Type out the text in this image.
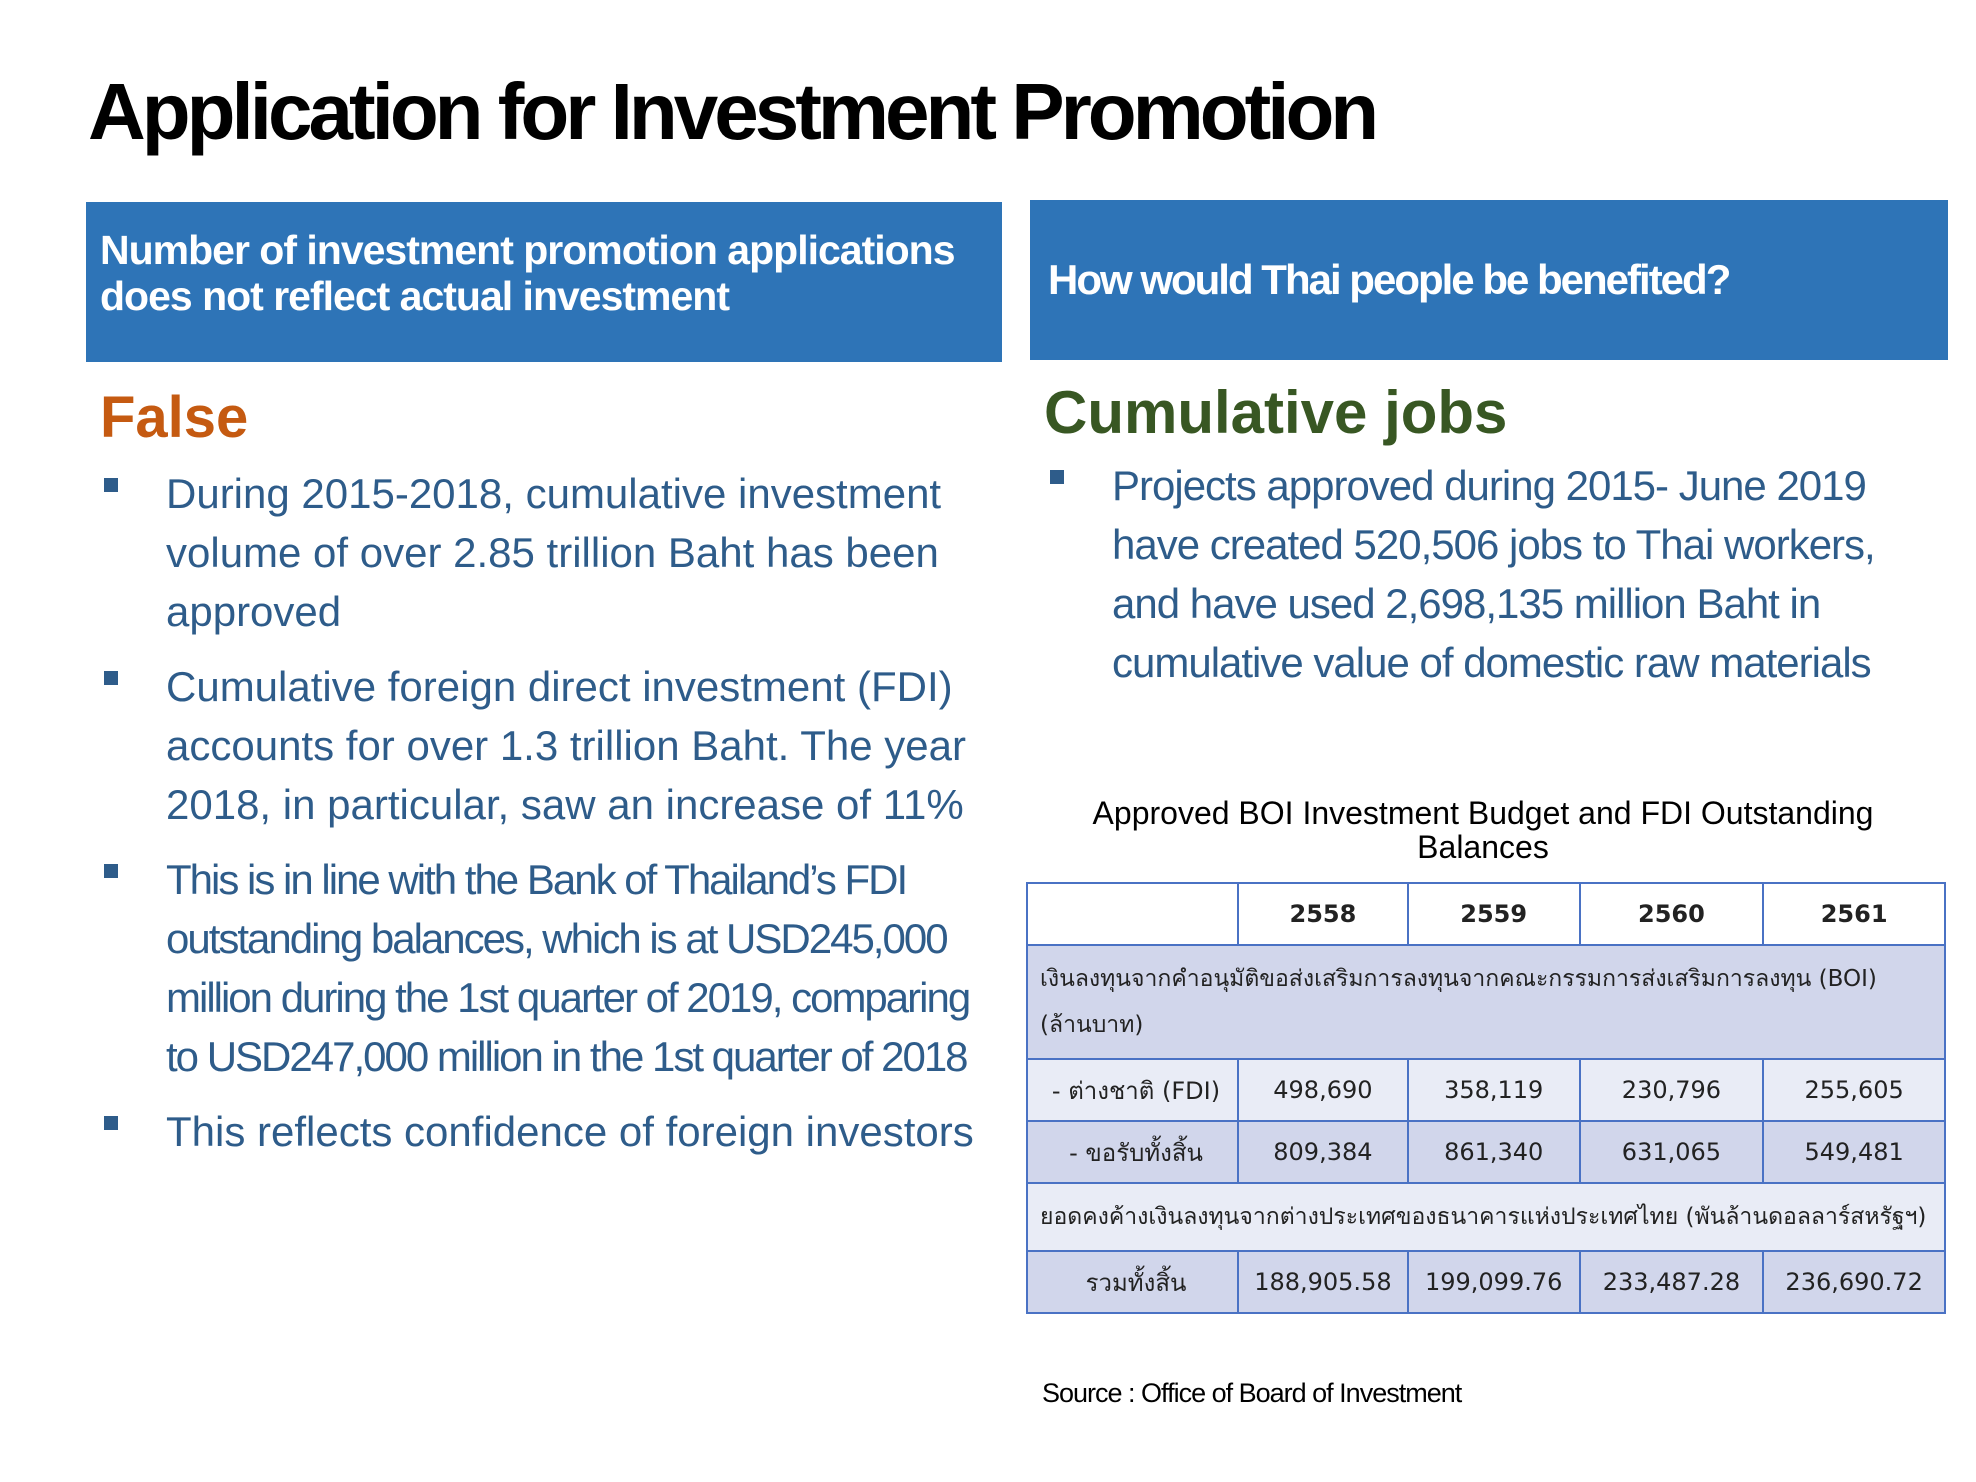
Application for Investment Promotion
Number of investment promotion applications does not reflect actual investment	How would Thai people be benefited?
False	Cumulative jobs
During 2015-2018, cumulative investment volume of over 2.85 trillion Baht has been approved
Cumulative foreign direct investment (FDI) accounts for over 1.3 trillion Baht. The year 2018, in particular, saw an increase of 11%
This is in line with the Bank of Thailand’s FDI outstanding balances, which is at USD245,000 million during the 1st quarter of 2019, comparing to USD247,000 million in the 1st quarter of 2018
This reflects confidence of foreign investors
Projects approved during 2015- June 2019 have created 520,506 jobs to Thai workers, and have used 2,698,135 million Baht in cumulative value of domestic raw materials

Approved BOI Investment Budget and FDI Outstanding Balances

	2558	2559	2560	2561
เงินลงทุนจากคำอนุมัติขอส่งเสริมการลงทุนจากคณะกรรมการส่งเสริมการลงทุน (BOI) (ล้านบาท)				
- ต่างชาติ (FDI)	498,690	358,119	230,796	255,605
- ขอรับทั้งสิ้น	809,384	861,340	631,065	549,481
ยอดคงค้างเงินลงทุนจากต่างประเทศของธนาคารแห่งประเทศไทย (พันล้านดอลลาร์สหรัฐฯ)				
รวมทั้งสิ้น	188,905.58	199,099.76	233,487.28	236,690.72

Source : Office of Board of Investment
